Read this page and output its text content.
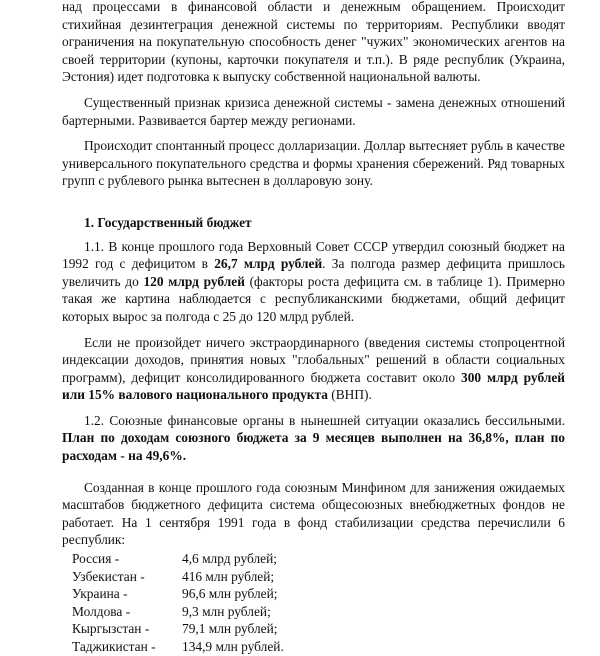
над процессами в финансовой области и денежным обращением. Происходит стихийная дезинтеграция денежной системы по территориям. Республики вводят ограничения на покупательную способность денег "чужих" экономических агентов на своей территории (купоны, карточки покупателя и т.п.). В ряде республик (Украина, Эстония) идет подготовка к выпуску собственной национальной валюты.

Существенный признак кризиса денежной системы - замена денежных отношений бартерными. Развивается бартер между регионами.

Происходит спонтанный процесс долларизации. Доллар вытесняет рубль в качестве универсального покупательного средства и формы хранения сбережений. Ряд товарных групп с рублевого рынка вытеснен в долларовую зону.

1. Государственный бюджет

1.1. В конце прошлого года Верховный Совет СССР утвердил союзный бюджет на 1992 год с дефицитом в 26,7 млрд рублей. За полгода размер дефицита пришлось увеличить до 120 млрд рублей (факторы роста дефицита см. в таблице 1). Примерно такая же картина наблюдается с республиканскими бюджетами, общий дефицит которых вырос за полгода с 25 до 120 млрд рублей.

Если не произойдет ничего экстраординарного (введения системы стопроцентной индексации доходов, принятия новых "глобальных" решений в области социальных программ), дефицит консолидированного бюджета составит около 300 млрд рублей или 15% валового национального продукта (ВНП).

1.2. Союзные финансовые органы в нынешней ситуации оказались бессильными. План по доходам союзного бюджета за 9 месяцев выполнен на 36,8%, план по расходам - на 49,6%.

Созданная в конце прошлого года союзным Минфином для занижения ожидаемых масштабов бюджетного дефицита система общесоюзных внебюджетных фондов не работает. На 1 сентября 1991 года в фонд стабилизации средства перечислили 6 республик:

Россия -	4,6 млрд рублей;
Узбекистан -	416 млн рублей;
Украина -	96,6 млн рублей;
Молдова -	9,3 млн рублей;
Кыргызстан -	79,1 млн рублей;
Таджикистан -	134,9 млн рублей.
